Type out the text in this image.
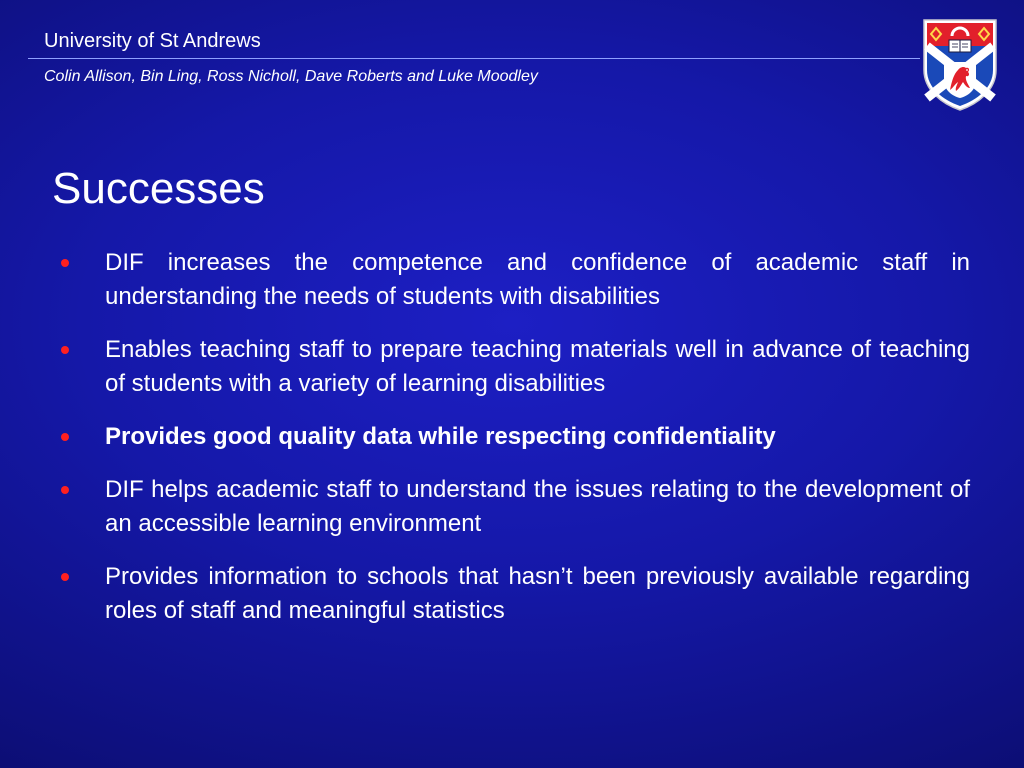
University of St Andrews
Colin Allison, Bin Ling, Ross Nicholl, Dave Roberts and Luke Moodley
Successes
DIF increases the competence and confidence of academic staff in understanding the needs of students with disabilities
Enables teaching staff to prepare teaching materials well in advance of teaching of students with a variety of learning disabilities
Provides good quality data while respecting confidentiality
DIF helps academic staff to understand the issues relating to the development of an accessible learning environment
Provides information to schools that hasn’t been previously available regarding roles of staff and meaningful statistics
